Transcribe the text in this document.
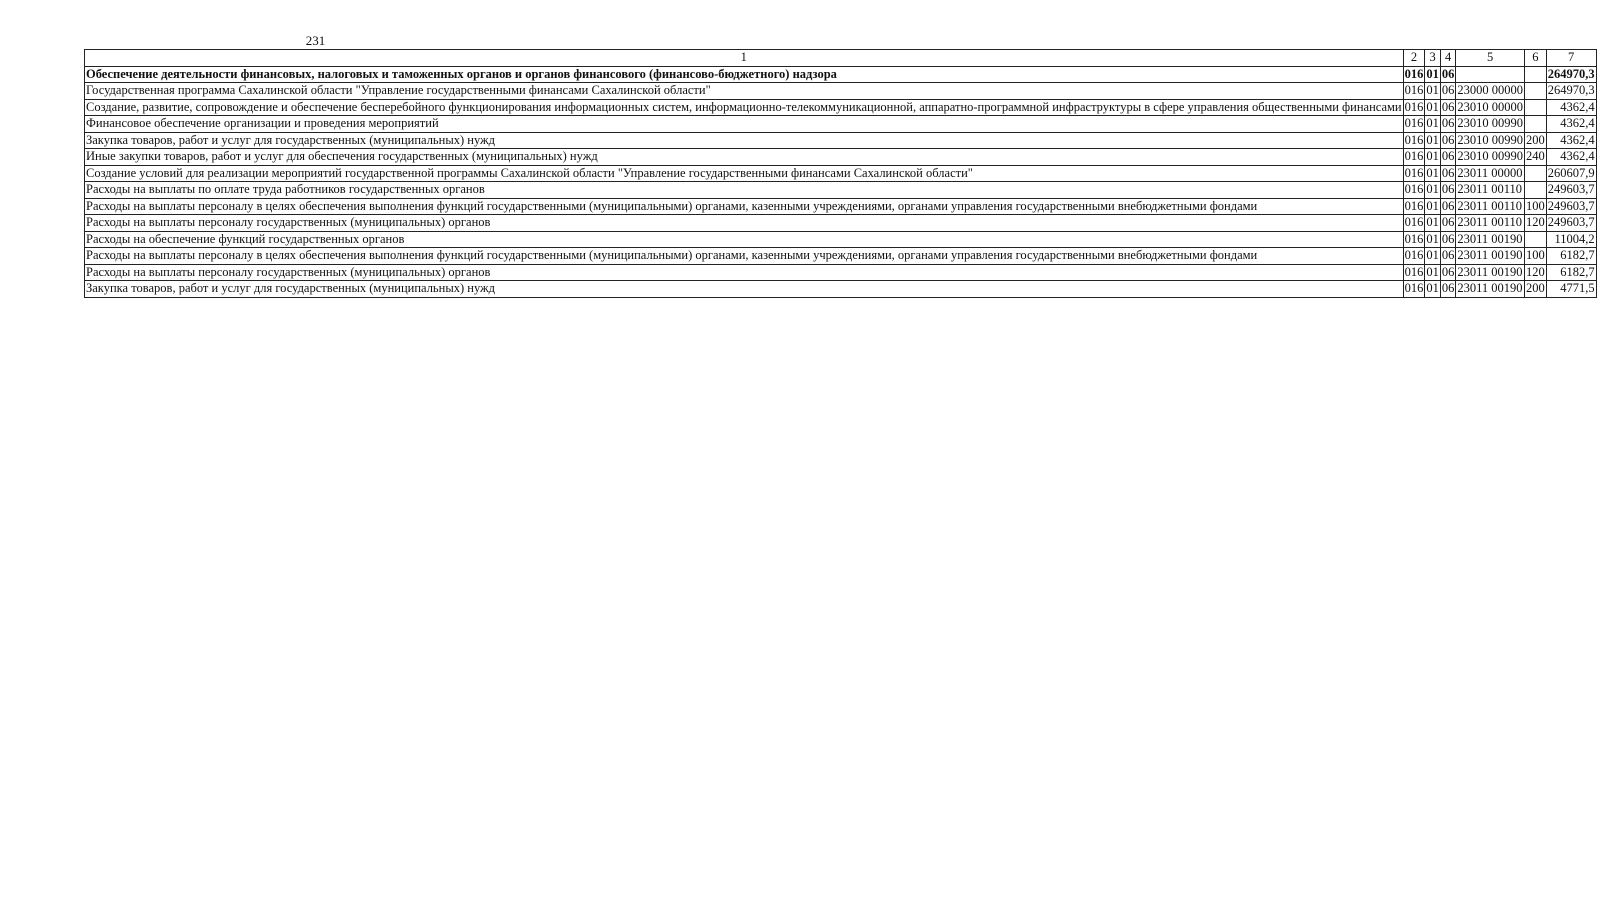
231
1	2	3	4	5	6	7
Обеспечение деятельности финансовых, налоговых и таможенных органов и органов финансового (финансово-бюджетного) надзора	016	01	06			264970,3
Государственная программа Сахалинской области "Управление государственными финансами Сахалинской области"	016	01	06	23000 00000		264970,3
Создание, развитие, сопровождение и обеспечение бесперебойного функционирования информационных систем, информационно-телекоммуникационной, аппаратно-программной инфраструктуры в сфере управления общественными финансами	016	01	06	23010 00000		4362,4
Финансовое обеспечение организации и проведения мероприятий	016	01	06	23010 00990		4362,4
Закупка товаров, работ и услуг для государственных (муниципальных) нужд	016	01	06	23010 00990	200	4362,4
Иные закупки товаров, работ и услуг для обеспечения государственных (муниципальных) нужд	016	01	06	23010 00990	240	4362,4
Создание условий для реализации мероприятий государственной программы Сахалинской области "Управление государственными финансами Сахалинской области"	016	01	06	23011 00000		260607,9
Расходы на выплаты по оплате труда работников государственных органов	016	01	06	23011 00110		249603,7
Расходы на выплаты персоналу в целях обеспечения выполнения функций государственными (муниципальными) органами, казенными учреждениями, органами управления государственными внебюджетными фондами	016	01	06	23011 00110	100	249603,7
Расходы на выплаты персоналу государственных (муниципальных) органов	016	01	06	23011 00110	120	249603,7
Расходы на обеспечение функций государственных органов	016	01	06	23011 00190		11004,2
Расходы на выплаты персоналу в целях обеспечения выполнения функций государственными (муниципальными) органами, казенными учреждениями, органами управления государственными внебюджетными фондами	016	01	06	23011 00190	100	6182,7
Расходы на выплаты персоналу государственных (муниципальных) органов	016	01	06	23011 00190	120	6182,7
Закупка товаров, работ и услуг для государственных (муниципальных) нужд	016	01	06	23011 00190	200	4771,5
